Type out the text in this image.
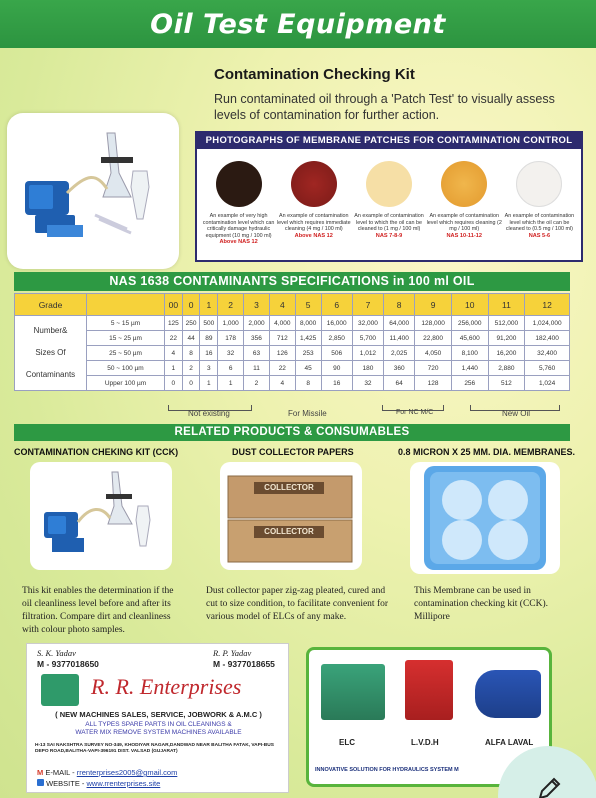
Oil Test Equipment
Contamination Checking Kit
Run contaminated oil through a 'Patch Test' to visually assess levels of contamination for further action.
PHOTOGRAPHS OF MEMBRANE PATCHES FOR CONTAMINATION CONTROL
An example of very high contamination level which can critically damage hydraulic equipment (10 mg / 100 ml)
Above NAS 12
An example of contamination level which requires immediate cleaning (4 mg / 100 ml)
Above NAS 12
An example of contamination level to which the oil can be cleaned to (1 mg / 100 ml)
NAS 7-8-9
An example of contamination level which requires cleaning (2 mg / 100 ml)
NAS 10-11-12
An example of contamination level which the oil can be cleaned to (0.5 mg / 100 ml)
NAS 5-6
NAS 1638 CONTAMINANTS SPECIFICATIONS in 100 ml OIL
Grade		00	0	1	2	3	4	5	6	7	8	9	10	11	12

Number&
Sizes Of
Contaminants	5 ~ 15 µm	125	250	500	1,000	2,000	4,000	8,000	16,000	32,000	64,000	128,000	256,000	512,000	1,024,000
	15 ~ 25 µm	22	44	89	178	356	712	1,425	2,850	5,700	11,400	22,800	45,600	91,200	182,400
	25 ~ 50 µm	4	8	16	32	63	126	253	506	1,012	2,025	4,050	8,100	16,200	32,400
	50 ~ 100 µm	1	2	3	6	11	22	45	90	180	360	720	1,440	2,880	5,760
	Upper 100 µm	0	0	1	1	2	4	8	16	32	64	128	256	512	1,024
Not existing	For Missile	For NC M/C	New Oil
RELATED PRODUCTS & CONSUMABLES
CONTAMINATION CHEKING KIT (CCK)	DUST COLLECTOR PAPERS	0.8 MICRON X 25 MM. DIA. MEMBRANES.
COLLECTOR
COLLECTOR
This kit enables the determination if the oil cleanliness level before and after its filtration. Compare dirt and cleanliness with colour photo samples.
Dust collector paper zig-zag pleated, cured and cut to size condition, to facilitate convenient for various model of ELCs of any make.
This Membrane can be used in contamination checking kit (CCK). Millipore
S. K. Yadav
M - 9377018650
R. P. Yadav
M - 9377018655
R. R. Enterprises
( NEW MACHINES SALES, SERVICE, JOBWORK & A.M.C )
ALL TYPES SPARE PARTS IN OIL CLEANINGS &
WATER MIX REMOVE SYSTEM MACHINES AVAILABLE
H-13 SAI NAKSHTRA SURVEY NO-349, KHODIYAR NAGAR,DANDWAD NEAR BALITHA FATAK, VAPI-BUS DEPO ROAD,BALITHA-VAPI-396191 DIST. VALSAD (GUJARAT)
M E-MAIL - rrenterprises2005@gmail.com
WEBSITE - www.rrenterprises.site
ELC	L.V.D.H	ALFA LAVAL
INNOVATIVE SOLUTION FOR HYDRAULICS SYSTEM M
